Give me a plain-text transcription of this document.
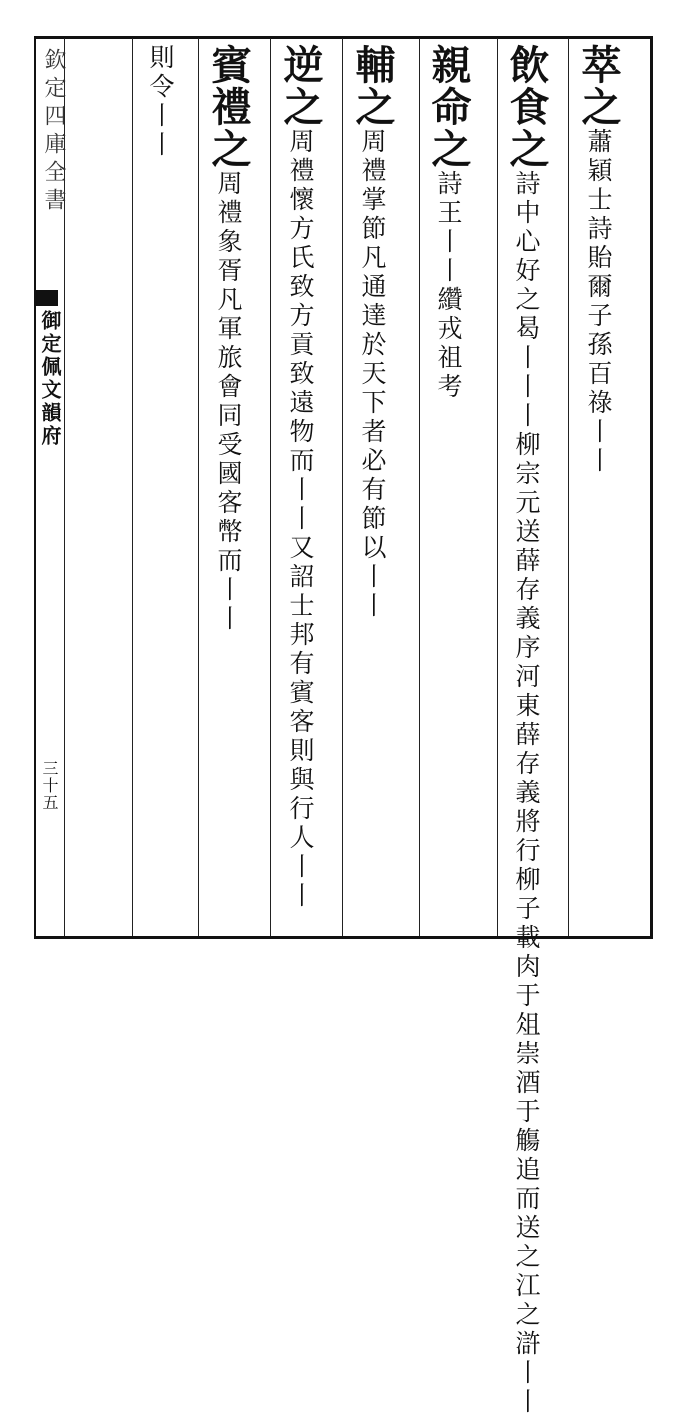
欽定四庫全書
御定佩文韻府
三十五
萃之蕭穎士詩貽爾子孫百祿丨丨
飲食之詩中心好之曷丨丨丨柳宗元送薛存義序河東薛存義將行柳子載肉于俎崇酒于觴追而送之江之滸丨丨
親命之詩王丨丨纘戎祖考
輔之周禮掌節凡通達於天下者必有節以丨丨
逆之周禮懷方氏致方貢致遠物而丨丨又詔士邦有賓客則與行人丨丨
賓禮之周禮象胥凡軍旅會同受國客幣而丨丨
則令丨丨
